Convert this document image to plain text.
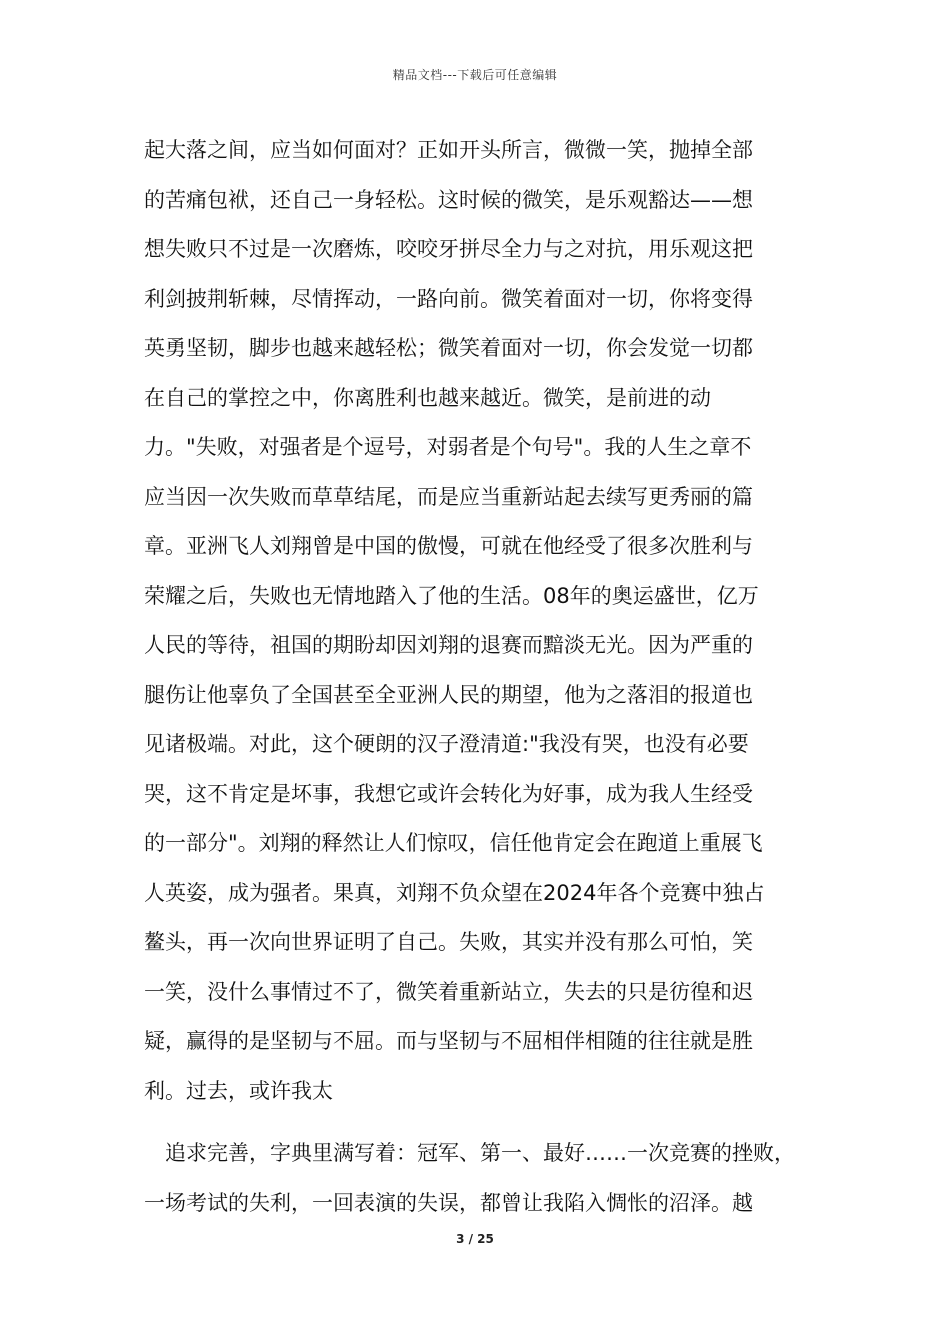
精品文档---下载后可任意编辑
起大落之间，应当如何面对？正如开头所言，微微一笑，抛掉全部
的苦痛包袱，还自己一身轻松。这时候的微笑，是乐观豁达——想
想失败只不过是一次磨炼，咬咬牙拼尽全力与之对抗，用乐观这把
利剑披荆斩棘，尽情挥动，一路向前。微笑着面对一切，你将变得
英勇坚韧，脚步也越来越轻松；微笑着面对一切，你会发觉一切都
在自己的掌控之中，你离胜利也越来越近。微笑，是前进的动
力。"失败，对强者是个逗号，对弱者是个句号"。我的人生之章不
应当因一次失败而草草结尾，而是应当重新站起去续写更秀丽的篇
章。亚洲飞人刘翔曾是中国的傲慢，可就在他经受了很多次胜利与
荣耀之后，失败也无情地踏入了他的生活。08年的奥运盛世，亿万
人民的等待，祖国的期盼却因刘翔的退赛而黯淡无光。因为严重的
腿伤让他辜负了全国甚至全亚洲人民的期望，他为之落泪的报道也
见诸极端。对此，这个硬朗的汉子澄清道:"我没有哭，也没有必要
哭，这不肯定是坏事，我想它或许会转化为好事，成为我人生经受
的一部分"。刘翔的释然让人们惊叹，信任他肯定会在跑道上重展飞
人英姿，成为强者。果真，刘翔不负众望在2024年各个竞赛中独占
鳌头，再一次向世界证明了自己。失败，其实并没有那么可怕，笑
一笑，没什么事情过不了，微笑着重新站立，失去的只是彷徨和迟
疑，赢得的是坚韧与不屈。而与坚韧与不屈相伴相随的往往就是胜
利。过去，或许我太
追求完善，字典里满写着：冠军、第一、最好……一次竞赛的挫败，
一场考试的失利，一回表演的失误，都曾让我陷入惆怅的沼泽。越
3 / 25
